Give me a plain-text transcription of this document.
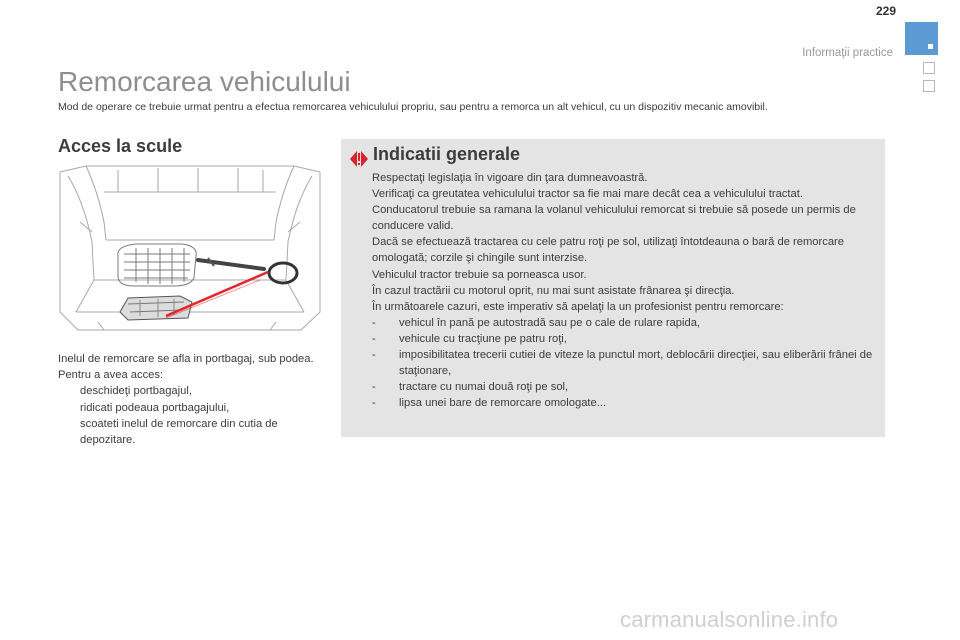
229
Informaţii practice
Remorcarea vehiculului

Mod de operare ce trebuie urmat pentru a efectua remorcarea vehiculului propriu, sau pentru a remorca un alt vehicul, cu un dispozitiv mecanic amovibil.

Acces la scule

Inelul de remorcare se afla in portbagaj, sub podea.

Pentru a avea acces:

deschideţi portbagajul,

ridicati podeaua portbagajului,

scoateti inelul de remorcare din cutia de depozitare.

Indicatii generale

Respectaţi legislaţia în vigoare din ţara dumneavoastră.

Verificaţi ca greutatea vehiculului tractor sa fie mai mare decât cea a vehiculului tractat.

Conducatorul trebuie sa ramana la volanul vehiculului remorcat si trebuie să posede un permis de conducere valid.

Dacă se efectuează tractarea cu cele patru roţi pe sol, utilizaţi întotdeauna o bară de remorcare omologată; corzile şi chingile sunt interzise.

Vehiculul tractor trebuie sa porneasca usor.

În cazul tractării cu motorul oprit, nu mai sunt asistate frânarea şi direcţia.

În următoarele cazuri, este imperativ să apelaţi la un profesionist pentru remorcare:

- vehicul în pană pe autostradă sau pe o cale de rulare rapida,

- vehicule cu tracţiune pe patru roţi,

- imposibilitatea trecerii cutiei de viteze la punctul mort, deblocării direcţiei, sau eliberării frânei de staţionare,

- tractare cu numai două roţi pe sol,

- lipsa unei bare de remorcare omologate...

carmanualsonline.info
